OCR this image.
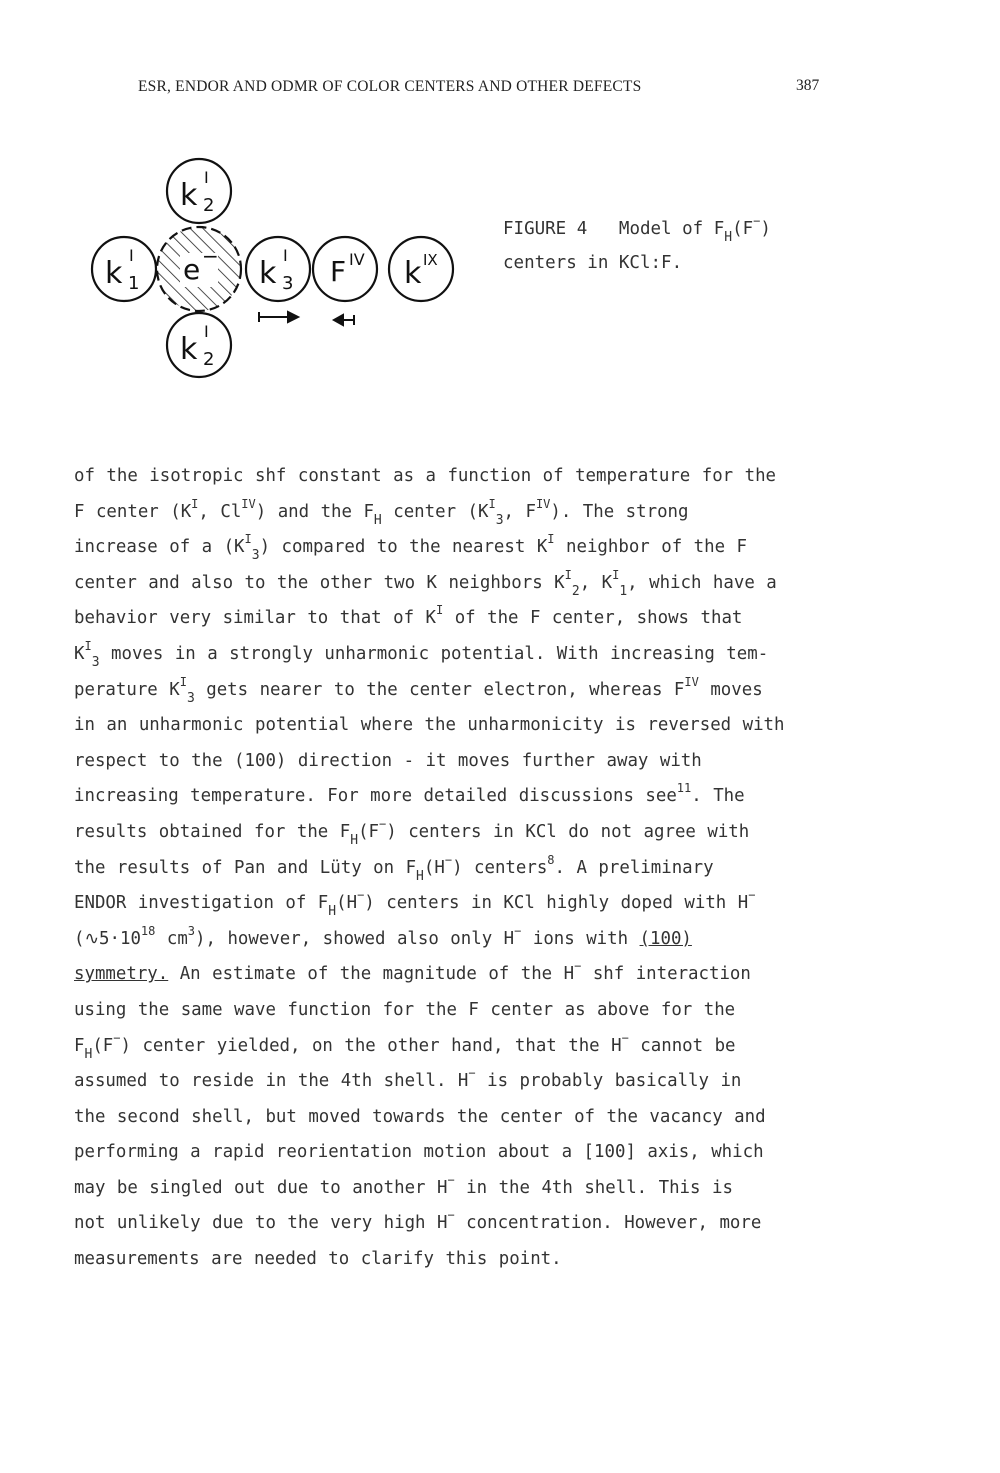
ESR, ENDOR AND ODMR OF COLOR CENTERS AND OTHER DEFECTS	387
k
I
2
k
I
1 e − k
I
3 F IV k IX
k
I
2
FIGURE 4 Model of $F_H(F^-)$
centers in KCl:F.
of the isotropic shf constant as a function of temperature for the
F center ($K^I$, $Cl^{IV}$) and the $F_H$ center ($K^I_3$, $F^{IV}$). The strong
increase of a $(K^I_3)$ compared to the nearest $K^I$ neighbor of the F
center and also to the other two K neighbors $K^I_2$, $K^I_1$, which have a
behavior very similar to that of $K^I$ of the F center, shows that
$K^I_3$ moves in a strongly unharmonic potential. With increasing tem-
perature $K^I_3$ gets nearer to the center electron, whereas $F^{IV}$ moves
in an unharmonic potential where the unharmonicity is reversed with
respect to the (100) direction - it moves further away with
increasing temperature. For more detailed discussions see$^{11}$. The
results obtained for the $F_H(F^-)$ centers in KCl do not agree with
the results of Pan and Lüty on $F_H(H^-)$ centers$^8$. A preliminary
ENDOR investigation of $F_H(H^-)$ centers in KCl highly doped with H−
($∿5\cdot 10^{18}$ $cm^3$), however, showed also only H− ions with (100)
symmetry. An estimate of the magnitude of the H− shf interaction
using the same wave function for the F center as above for the
$F_H(F^-)$ center yielded, on the other hand, that the H− cannot be
assumed to reside in the 4th shell. H− is probably basically in
the second shell, but moved towards the center of the vacancy and
performing a rapid reorientation motion about a [100] axis, which
may be singled out due to another H− in the 4th shell. This is
not unlikely due to the very high H− concentration. However, more
measurements are needed to clarify this point.
